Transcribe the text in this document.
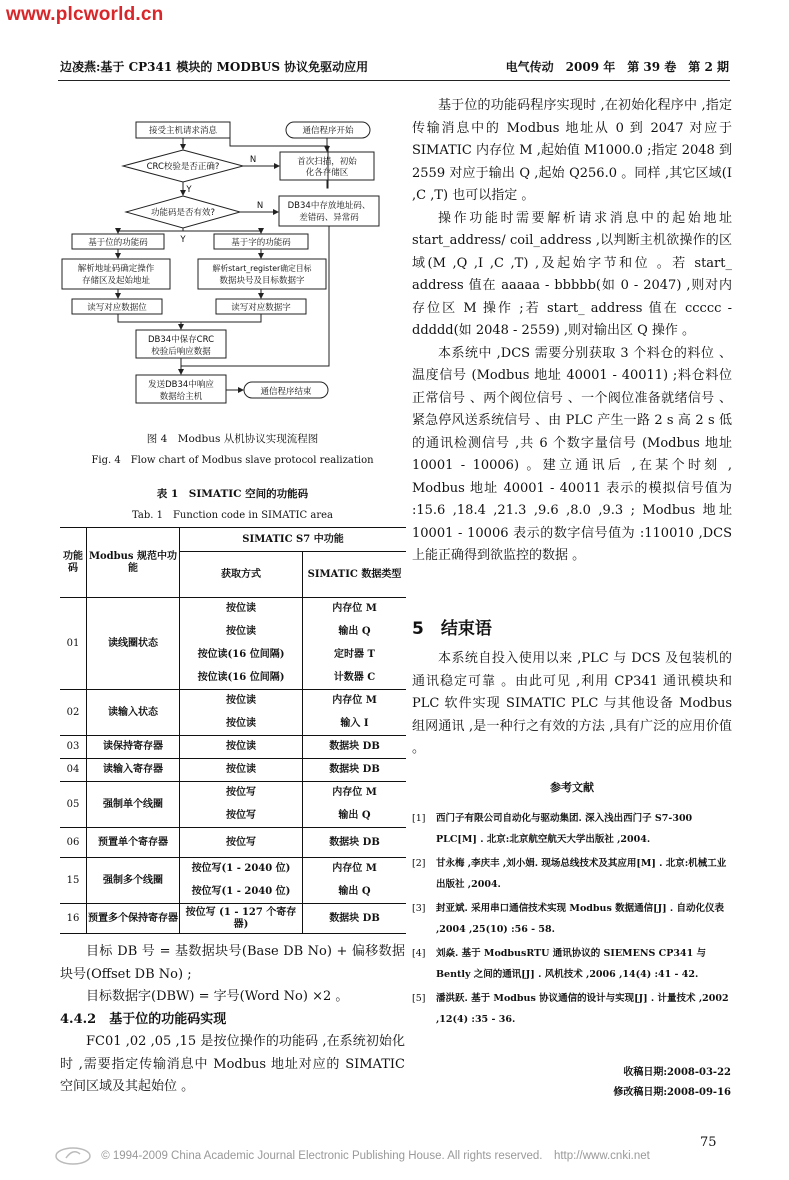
www.plcworld.cn
边凌燕:基于 CP341 模块的 MODBUS 协议免驱动应用	电气传动　2009 年　第 39 卷　第 2 期
接受主机请求消息	通信程序开始
CRC校验是否正确?	首次扫描，初始
化各存储区
功能码是否有效?
DB34中存放地址码、
差错码、异常码
基于位的功能码	基于字的功能码
解析地址码确定操作
存储区及起始地址
解析start_register确定目标
数据块号及目标数据字
读写对应数据位	读写对应数据字
DB34中保存CRC
校验后响应数据
发送DB34中响应
数据给主机	通信程序结束
N
Y
N
Y
图 4　Modbus 从机协议实现流程图
Fig. 4　Flow chart of Modbus slave protocol realization
表 1　SIMATIC 空间的功能码
Tab. 1　Function code in SIMATIC area
功能码	Modbus 规范中功能	SIMATIC S7 中功能	
		获取方式	SIMATIC 数据类型
01	读线圈状态	按位读	内存位 M
		按位读	输出 Q
		按位读(16 位间隔)	定时器 T
		按位读(16 位间隔)	计数器 C
02	读输入状态	按位读	内存位 M
		按位读	输入 I
03	读保持寄存器	按位读	数据块 DB
04	读输入寄存器	按位读	数据块 DB
05	强制单个线圈	按位写	内存位 M
		按位写	输出 Q
06	预置单个寄存器	按位写	数据块 DB
15	强制多个线圈	按位写(1 - 2040 位)	内存位 M
		按位写(1 - 2040 位)	输出 Q
16	预置多个保持寄存器	按位写 (1 - 127 个寄存器)	数据块 DB

目标 DB 号 = 基数据块号(Base DB No) + 偏移数据块号(Offset DB No) ;

目标数据字(DBW) = 字号(Word No) ×2 。

4.4.2　基于位的功能码实现

FC01 ,02 ,05 ,15 是按位操作的功能码 ,在系统初始化时 ,需要指定传输消息中 Modbus 地址对应的 SIMATIC 空间区域及其起始位 。

基于位的功能码程序实现时 ,在初始化程序中 ,指定传输消息中的 Modbus 地址从 0 到 2047 对应于 SIMATIC 内存位 M ,起始值 M1000.0 ;指定 2048 到 2559 对应于输出 Q ,起始 Q256.0 。同样 ,其它区域(I ,C ,T) 也可以指定 。

操作功能时需要解析请求消息中的起始地址 start_address/ coil_address ,以判断主机欲操作的区域(M ,Q ,I ,C ,T) ,及起始字节和位 。若 start_ address 值在 aaaaa - bbbbb(如 0 - 2047) ,则对内存位区 M 操作 ;若 start_ address 值在 ccccc - ddddd(如 2048 - 2559) ,则对输出区 Q 操作 。

本系统中 ,DCS 需要分别获取 3 个料仓的料位 、温度信号 (Modbus 地址 40001 - 40011) ;料仓料位正常信号 、两个阀位信号 、一个阀位准备就绪信号 、紧急停风送系统信号 、由 PLC 产生一路 2 s 高 2 s 低的通讯检测信号 ,共 6 个数字量信号 (Modbus 地址 10001 - 10006) 。建立通讯后 ,在某个时刻 , Modbus 地址 40001 - 40011 表示的模拟信号值为 :15.6 ,18.4 ,21.3 ,9.6 ,8.0 ,9.3 ; Modbus 地址 10001 - 10006 表示的数字信号值为 :110010 ,DCS 上能正确得到欲监控的数据 。

5　结束语

本系统自投入使用以来 ,PLC 与 DCS 及包装机的通讯稳定可靠 。由此可见 ,利用 CP341 通讯模块和 PLC 软件实现 SIMATIC PLC 与其他设备 Modbus 组网通讯 ,是一种行之有效的方法 ,具有广泛的应用价值 。

参考文献
[1]	西门子有限公司自动化与驱动集团. 深入浅出西门子 S7-300 PLC[M] . 北京:北京航空航天大学出版社 ,2004.
[2]	甘永梅 ,李庆丰 ,刘小娟. 现场总线技术及其应用[M] . 北京:机械工业出版社 ,2004.
[3]	封亚斌. 采用串口通信技术实现 Modbus 数据通信[J] . 自动化仪表 ,2004 ,25(10) :56 - 58.
[4]	刘焱. 基于 ModbusRTU 通讯协议的 SIEMENS CP341 与 Bently 之间的通讯[J] . 风机技术 ,2006 ,14(4) :41 - 42.
[5]	潘洪跃. 基于 Modbus 协议通信的设计与实现[J] . 计量技术 ,2002 ,12(4) :35 - 36.
收稿日期:2008-03-22
修改稿日期:2008-09-16
75
© 1994-2009 China Academic Journal Electronic Publishing House. All rights reserved.　http://www.cnki.net
